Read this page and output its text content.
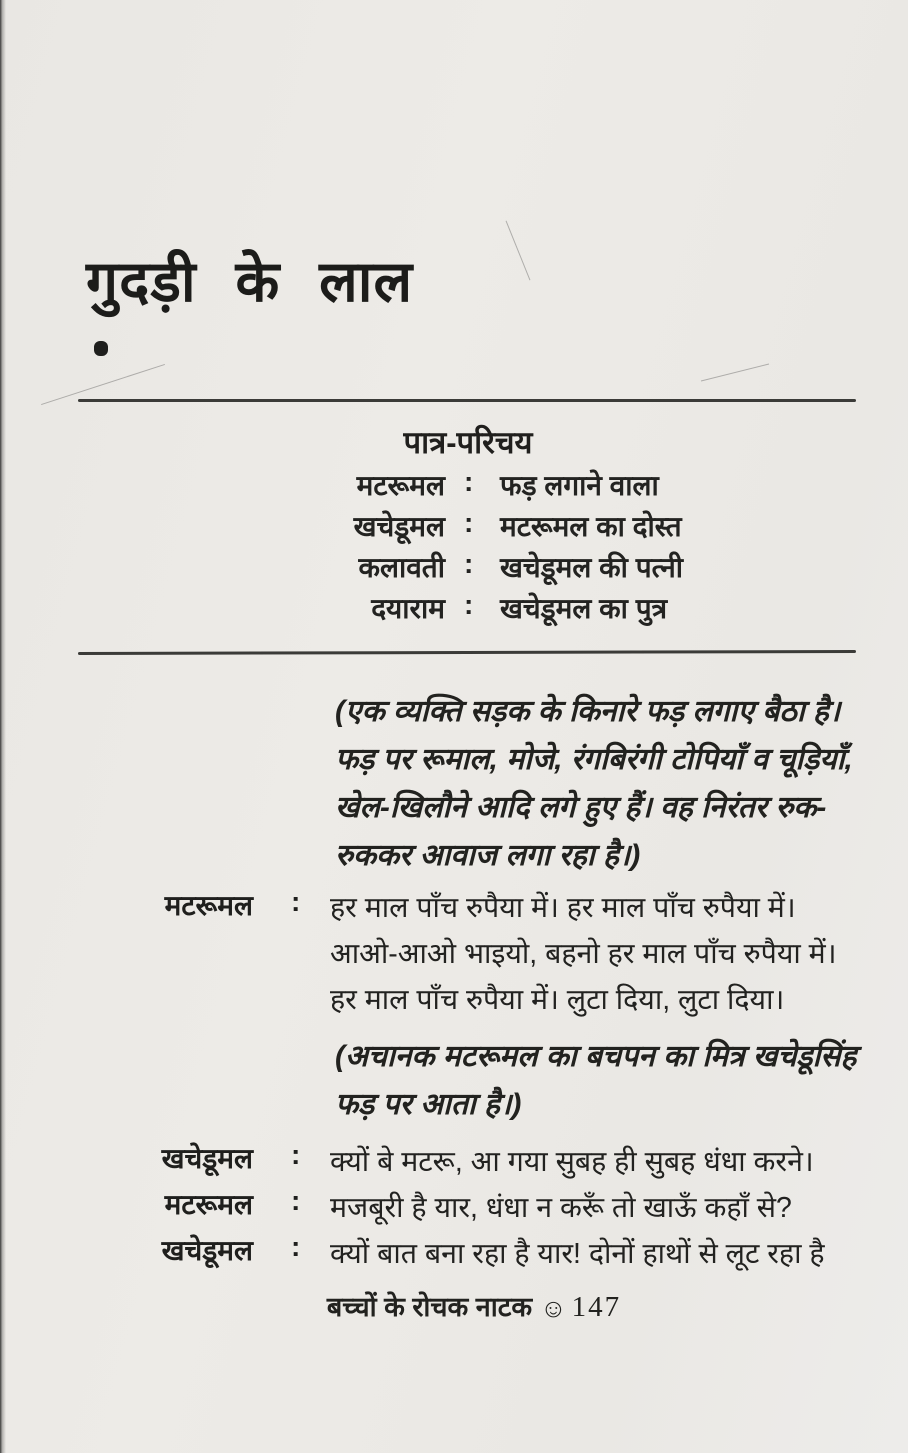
गुदड़ी के लाल
पात्र-परिचय
मटरूमल : फड़ लगाने वाला
खचेडूमल : मटरूमल का दोस्त
कलावती : खचेडूमल की पत्नी
दयाराम : खचेडूमल का पुत्र
(एक व्यक्ति सड़क के किनारे फड़ लगाए बैठा है। फड़ पर रूमाल, मोजे, रंगबिरंगी टोपियाँ व चूड़ियाँ, खेल-खिलौने आदि लगे हुए हैं। वह निरंतर रुक-रुककर आवाज लगा रहा है।)
मटरूमल : हर माल पाँच रुपैया में। हर माल पाँच रुपैया में। आओ-आओ भाइयो, बहनो हर माल पाँच रुपैया में। हर माल पाँच रुपैया में। लुटा दिया, लुटा दिया।
(अचानक मटरूमल का बचपन का मित्र खचेडूसिंह फड़ पर आता है।)
खचेडूमल : क्यों बे मटरू, आ गया सुबह ही सुबह धंधा करने।
मटरूमल : मजबूरी है यार, धंधा न करूँ तो खाऊँ कहाँ से?
खचेडूमल : क्यों बात बना रहा है यार! दोनों हाथों से लूट रहा है
बच्चों के रोचक नाटक ☺ 147
